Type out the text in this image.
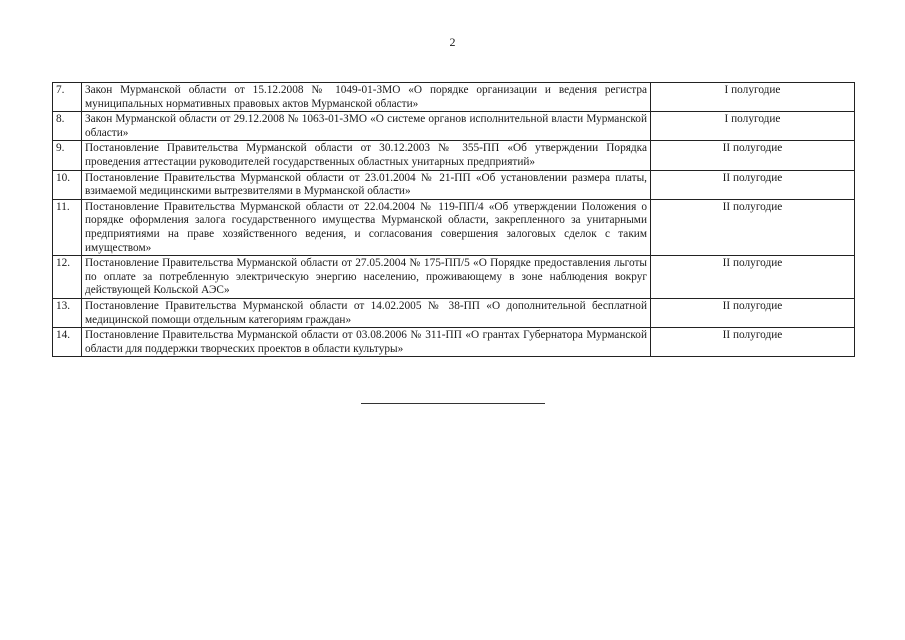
2
7.	Закон Мурманской области от 15.12.2008 № 1049-01-ЗМО «О порядке организации и ведения регистра муниципальных нормативных правовых актов Мурманской области»	I полугодие
8.	Закон Мурманской области от 29.12.2008 № 1063-01-ЗМО «О системе органов исполнительной власти Мурманской области»	I полугодие
9.	Постановление Правительства Мурманской области от 30.12.2003 № 355-ПП «Об утверждении Порядка проведения аттестации руководителей государственных областных унитарных предприятий»	II полугодие
10.	Постановление Правительства Мурманской области от 23.01.2004 № 21-ПП «Об установлении размера платы, взимаемой медицинскими вытрезвителями в Мурманской области»	II полугодие
11.	Постановление Правительства Мурманской области от 22.04.2004 № 119-ПП/4 «Об утверждении Положения о порядке оформления залога государственного имущества Мурманской области, закрепленного за унитарными предприятиями на праве хозяйственного ведения, и согласования совершения залоговых сделок с таким имуществом»	II полугодие
12.	Постановление Правительства Мурманской области от 27.05.2004 № 175-ПП/5 «О Порядке предоставления льготы по оплате за потребленную электрическую энергию населению, проживающему в зоне наблюдения вокруг действующей Кольской АЭС»	II полугодие
13.	Постановление Правительства Мурманской области от 14.02.2005 № 38-ПП «О дополнительной бесплатной медицинской помощи отдельным категориям граждан»	II полугодие
14.	Постановление Правительства Мурманской области от 03.08.2006 № 311-ПП «О грантах Губернатора Мурманской области для поддержки творческих проектов в области культуры»	II полугодие
